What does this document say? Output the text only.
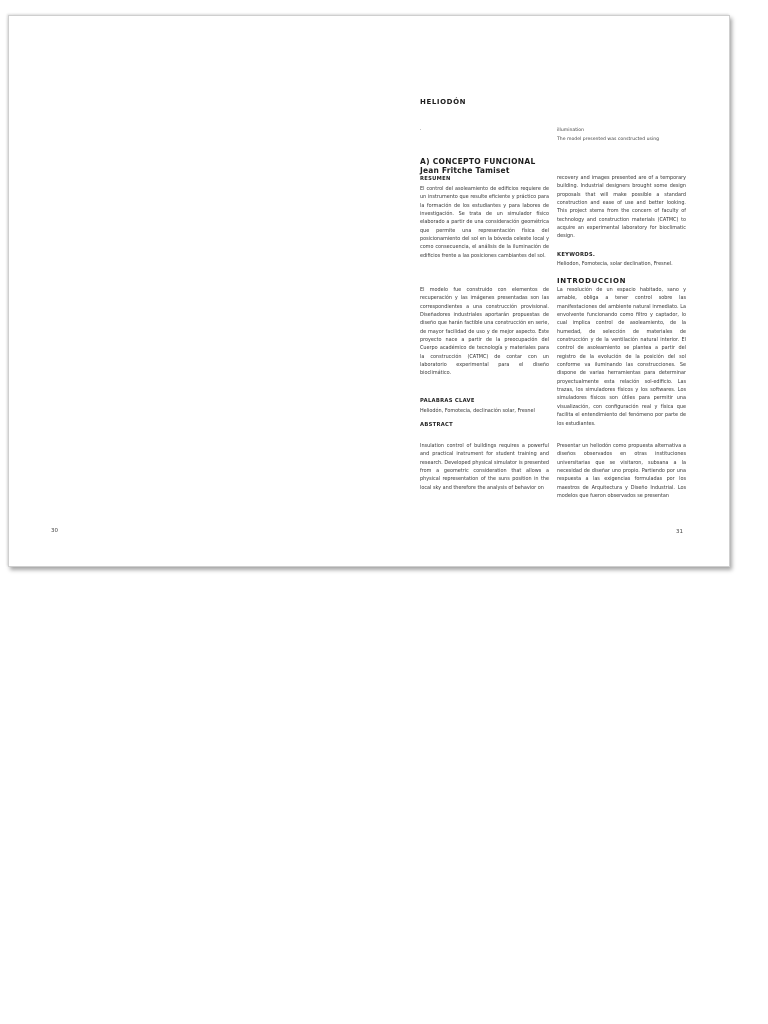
HELIODÓN
A) CONCEPTO FUNCIONAL
Jean Fritche Tamiset
RESUMEN
El control del asoleamiento de edificios requiere de un instrumento que resulte eficiente y práctico para la formación de los estudiantes y para labores de investigación. Se trata de un simulador físico elaborado a partir de una consideración geométrica que permite una representación física del posicionamiento del sol en la bóveda celeste local y como consecuencia, el análisis de la iluminación de edificios frente a las posiciones cambiantes del sol.
El modelo fue construido con elementos de recuperación y las imágenes presentadas son las correspondientes a una construcción provisional. Diseñadores industriales aportarán propuestas de diseño que harán factible una construcción en serie, de mayor facilidad de uso y de mejor aspecto. Este proyecto nace a partir de la preocupación del Cuerpo académico de tecnología y materiales para la construcción (CATMC) de contar con un laboratorio experimental para el diseño bioclimático.
PALABRAS CLAVE
Heliodón, Fomotecia, declinación solar, Fresnel
ABSTRACT
Insulation control of buildings requires a powerful and practical instrument for student training and research. Developed physical simulator is presented from a geometric consideration that allows a physical representation of the suns position in the local sky and therefore the analysis of behavior on
30
·	illumination
The model presented was constructed using
recovery and images presented are of a temporary building. Industrial designers brought some design proposals that will make possible a standard construction and ease of use and better looking. This project stems from the concern of faculty of technology and construction materials (CATMC) to acquire an experimental laboratory for bioclimatic design.
KEYWORDS.
Heliodon, Fomotecia, solar declination, Fresnel.
INTRODUCCION
La resolución de un espacio habitado, sano y amable, obliga a tener control sobre las manifestaciones del ambiente natural inmediato. La envolvente funcionando como filtro y captador, lo cual implica control de asoleamiento, de la humedad, de selección de materiales de construcción y de la ventilación natural interior. El control de asoleamiento se plantea a partir del registro de la evolución de la posición del sol conforme va iluminando las construcciones. Se dispone de varias herramientas para determinar proyectualmente esta relación sol-edificio. Las trazas, los simuladores físicos y los softwares. Los simuladores físicos son útiles para permitir una visualización, con configuración real y física que facilita el entendimiento del fenómeno por parte de los estudiantes.
Presentar un heliodón como propuesta alternativa a diseños observados en otras instituciones universitarias que se visitaron, subsana a la necesidad de diseñar uno propio. Partiendo por una respuesta a las exigencias formuladas por los maestros de Arquitectura y Diseño Industrial. Los modelos que fueron observados se presentan
31
